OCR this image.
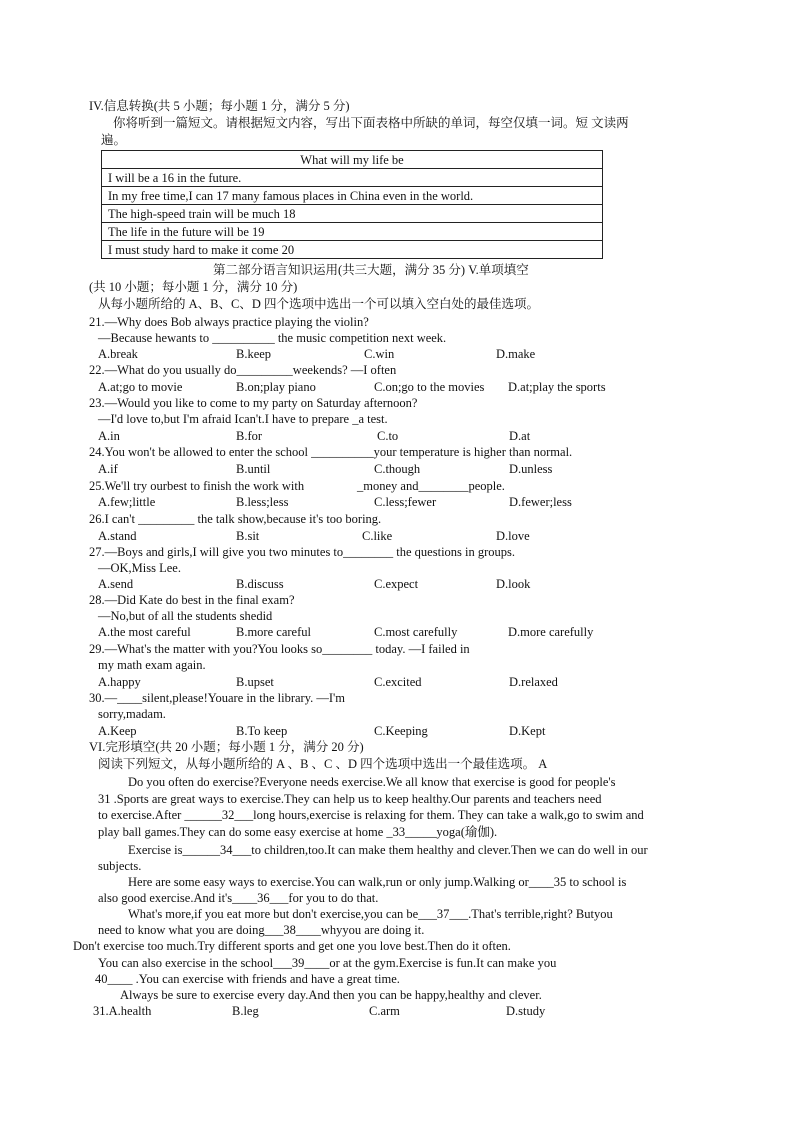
IV.信息转换(共 5 小题；每小题 1 分，满分 5 分)
你将听到一篇短文。请根据短文内容，写出下面表格中所缺的单词，每空仅填一词。短 文读两
遍。
What will my life be
I will be a 16 in the future.
In my free time,I can 17 many famous places in China even in the world.
The high-speed train will be much 18
The life in the future will be 19
I must study hard to make it come 20
第二部分语言知识运用(共三大题，满分 35 分) V.单项填空
(共 10 小题；每小题 1 分，满分 10 分)
从每小题所给的 A、B、C、D 四个选项中选出一个可以填入空白处的最佳选项。
21.—Why does Bob always practice playing the violin?
—Because hewants to __________ the music competition next week.
A.break	B.keep	C.win	D.make
22.—What do you usually do_________weekends? —I often
A.at;go to movie	B.on;play piano	C.on;go to the movies D.at;play the sports
23.—Would you like to come to my party on Saturday afternoon?
—I'd love to,but I'm afraid Ican't.I have to prepare _a test.
A.in	B.for	C.to	D.at
24.You won't be allowed to enter the school __________your temperature is higher than normal.
A.if	B.until	C.though	D.unless
25.We'll try ourbest to finish the work with	_money and________people.
A.few;little	B.less;less	C.less;fewer	D.fewer;less
26.I can't _________ the talk show,because it's too boring.
A.stand	B.sit	C.like	D.love
27.—Boys and girls,I will give you two minutes to________ the questions in groups.
—OK,Miss Lee.
A.send	B.discuss	C.expect	D.look
28.—Did Kate do best in the final exam?
—No,but of all the students shedid
A.the most careful	B.more careful	C.most carefully	D.more carefully
29.—What's the matter with you?You looks so________ today. —I failed in
my math exam again.
A.happy	B.upset	C.excited	D.relaxed
30.—____silent,please!Youare in the library. —I'm
sorry,madam.
A.Keep	B.To keep	C.Keeping	D.Kept
VI.完形填空(共 20 小题；每小题 1 分，满分 20 分)
阅读下列短文，从每小题所给的 A 、B 、C 、D 四个选项中选出一个最佳选项。 A
Do you often do exercise?Everyone needs exercise.We all know that exercise is good for people's
31 .Sports are great ways to exercise.They can help us to keep healthy.Our parents and teachers need
to exercise.After ______32___long hours,exercise is relaxing for them. They can take a walk,go to swim and
play ball games.They can do some easy exercise at home _33_____yoga(瑜伽).
Exercise is______34___to children,too.It can make them healthy and clever.Then we can do well in our
subjects.
Here are some easy ways to exercise.You can walk,run or only jump.Walking or____35 to school is
also good exercise.And it's____36___for you to do that.
What's more,if you eat more but don't exercise,you can be___37___.That's terrible,right? Butyou
need to know what you are doing___38____whyyou are doing it.
Don't exercise too much.Try different sports and get one you love best.Then do it often.
You can also exercise in the school___39____or at the gym.Exercise is fun.It can make you
40____ .You can exercise with friends and have a great time.
Always be sure to exercise every day.And then you can be happy,healthy and clever.
31.A.health	B.leg	C.arm	D.study
